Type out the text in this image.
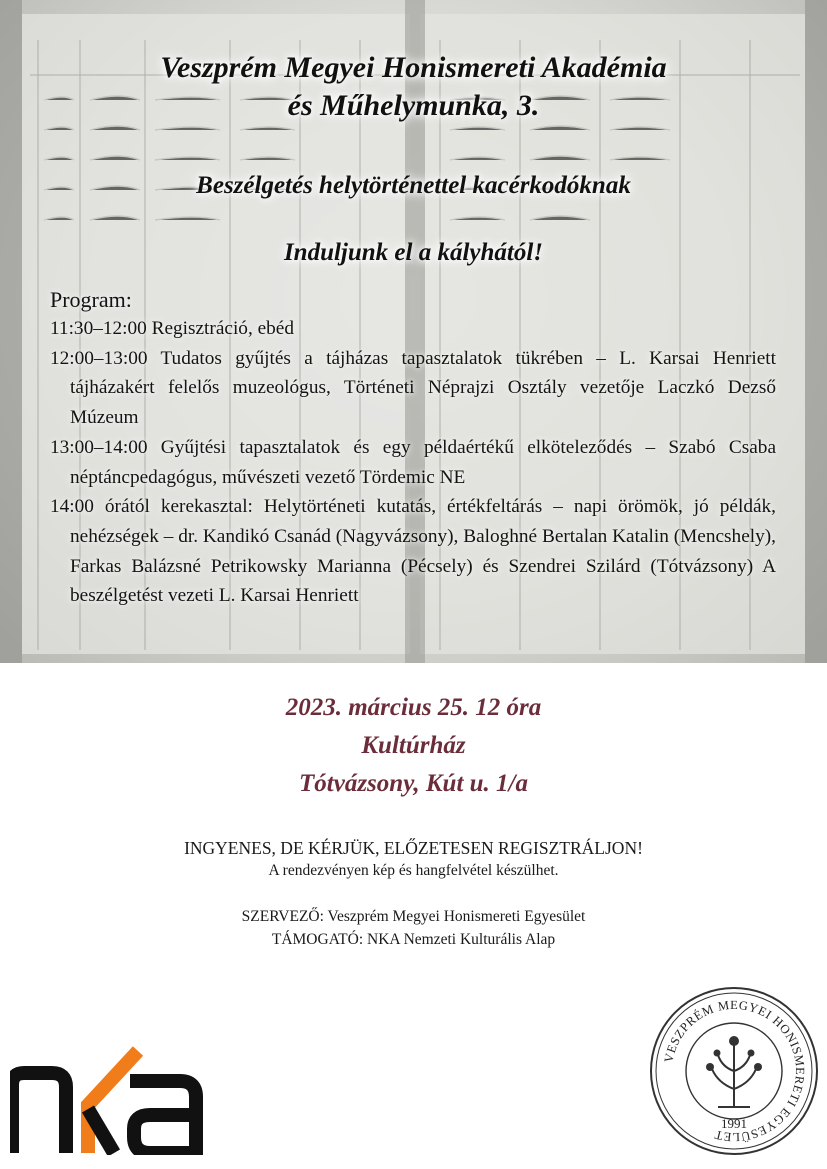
Veszprém Megyei Honismereti Akadémia
és Műhelymunka, 3.
Beszélgetés helytörténettel kacérkodóknak
Induljunk el a kályhától!
Program:
11:30–12:00 Regisztráció, ebéd
12:00–13:00 Tudatos gyűjtés a tájházas tapasztalatok tükrében – L. Karsai Henriett tájházakért felelős muzeológus, Történeti Néprajzi Osztály vezetője Laczkó Dezső Múzeum
13:00–14:00 Gyűjtési tapasztalatok és egy példaértékű elköteleződés – Szabó Csaba néptáncpedagógus, művészeti vezető Tördemic NE
14:00 órától kerekasztal: Helytörténeti kutatás, értékfeltárás – napi örömök, jó példák, nehézségek – dr. Kandikó Csanád (Nagyvázsony), Baloghné Bertalan Katalin (Mencshely), Farkas Balázsné Petrikowsky Marianna (Pécsely) és Szendrei Szilárd (Tótvázsony) A beszélgetést vezeti L. Karsai Henriett
2023. március 25. 12 óra
Kultúrház
Tótvázsony, Kút u. 1/a
INGYENES, DE KÉRJÜK, ELŐZETESEN REGISZTRÁLJON!
A rendezvényen kép és hangfelvétel készülhet.
SZERVEZŐ: Veszprém Megyei Honismereti Egyesület
TÁMOGATÓ: NKA Nemzeti Kulturális Alap
VESZPRÉM MEGYEI HONISMERETI EGYESÜLET
1991
